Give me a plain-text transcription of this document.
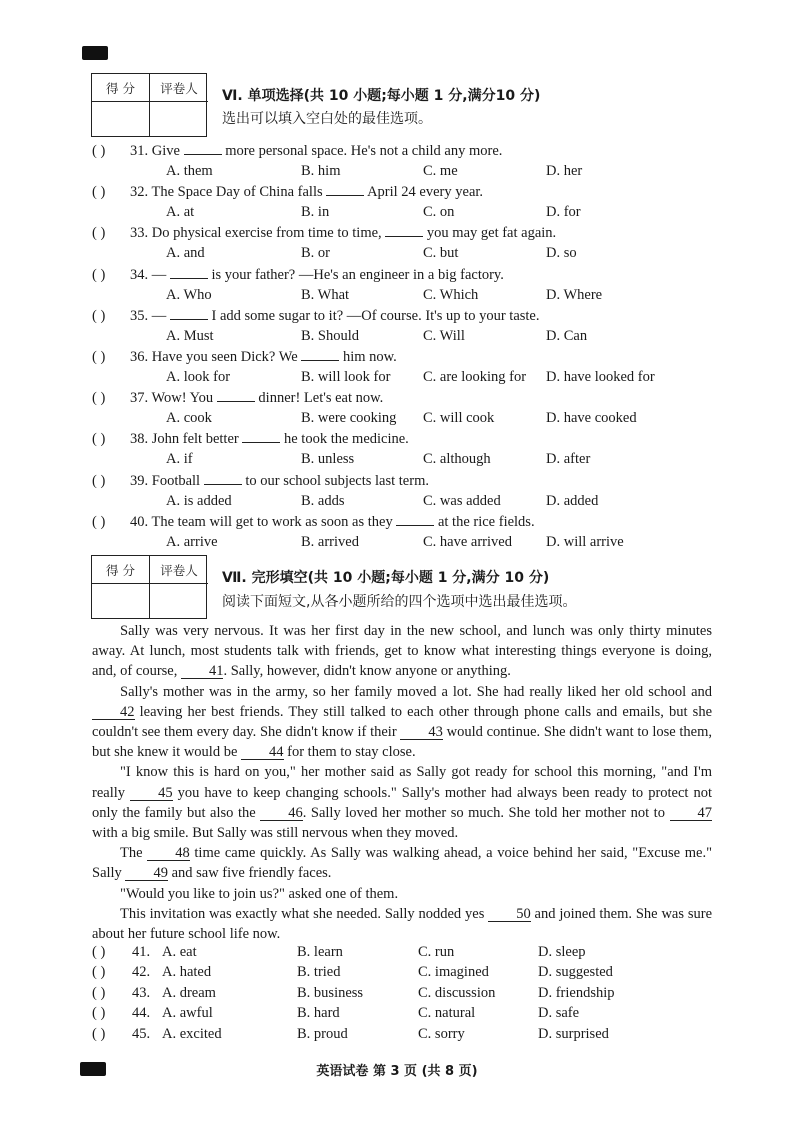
得 分	评卷人	Ⅵ. 单项选择(共 10 小题;每小题 1 分,满分10 分)
选出可以填入空白处的最佳选项。
( ) 31. Give	more personal space. He's not a child any more.
A. them	B. him	C. me	D. her
( ) 32. The Space Day of China falls	April 24 every year.
A. at	B. in	C. on	D. for
( ) 33. Do physical exercise from time to time,	you may get fat again.
A. and	B. or	C. but	D. so
( ) 34. —	is your father? —He's an engineer in a big factory.
A. Who	B. What	C. Which	D. Where
( ) 35. —	I add some sugar to it? —Of course. It's up to your taste.
A. Must	B. Should	C. Will	D. Can
( ) 36. Have you seen Dick? We	him now.
A. look for	B. will look for C. are looking for D. have looked for
( ) 37. Wow! You	dinner! Let's eat now.
A. cook	B. were cooking C. will cook	D. have cooked
( ) 38. John felt better	he took the medicine.
A. if	B. unless	C. although	D. after
( ) 39. Football	to our school subjects last term.
A. is added	B. adds	C. was added	D. added
( ) 40. The team will get to work as soon as they	at the rice fields.
A. arrive	B. arrived	C. have arrived D. will arrive
得 分	评卷人	Ⅶ. 完形填空(共 10 小题;每小题 1 分,满分 10 分)
阅读下面短文,从各小题所给的四个选项中选出最佳选项。

Sally was very nervous. It was her first day in the new school, and lunch was only thirty minutes away. At lunch, most students talk with friends, get to know what interesting things everyone is doing, and, of course, 41. Sally, however, didn't know anyone or anything.

Sally's mother was in the army, so her family moved a lot. She had really liked her old school and 42 leaving her best friends. They still talked to each other through phone calls and emails, but she couldn't see them every day. She didn't know if their 43 would continue. She didn't want to lose them, but she knew it would be 44 for them to stay close.

"I know this is hard on you," her mother said as Sally got ready for school this morning, "and I'm really 45 you have to keep changing schools." Sally's mother had always been ready to protect not only the family but also the 46. Sally loved her mother so much. She told her mother not to 47 with a big smile. But Sally was still nervous when they moved.

The 48 time came quickly. As Sally was walking ahead, a voice behind her said, "Excuse me." Sally 49 and saw five friendly faces.

"Would you like to join us?" asked one of them.

This invitation was exactly what she needed. Sally nodded yes 50 and joined them. She was sure about her future school life now.

( ) 41. A. eat	B. learn	C. run	D. sleep
( ) 42. A. hated	B. tried	C. imagined	D. suggested
( ) 43. A. dream	B. business	C. discussion	D. friendship
( ) 44. A. awful	B. hard	C. natural	D. safe
( ) 45. A. excited	B. proud	C. sorry	D. surprised
英语试卷 第 3 页 (共 8 页)
